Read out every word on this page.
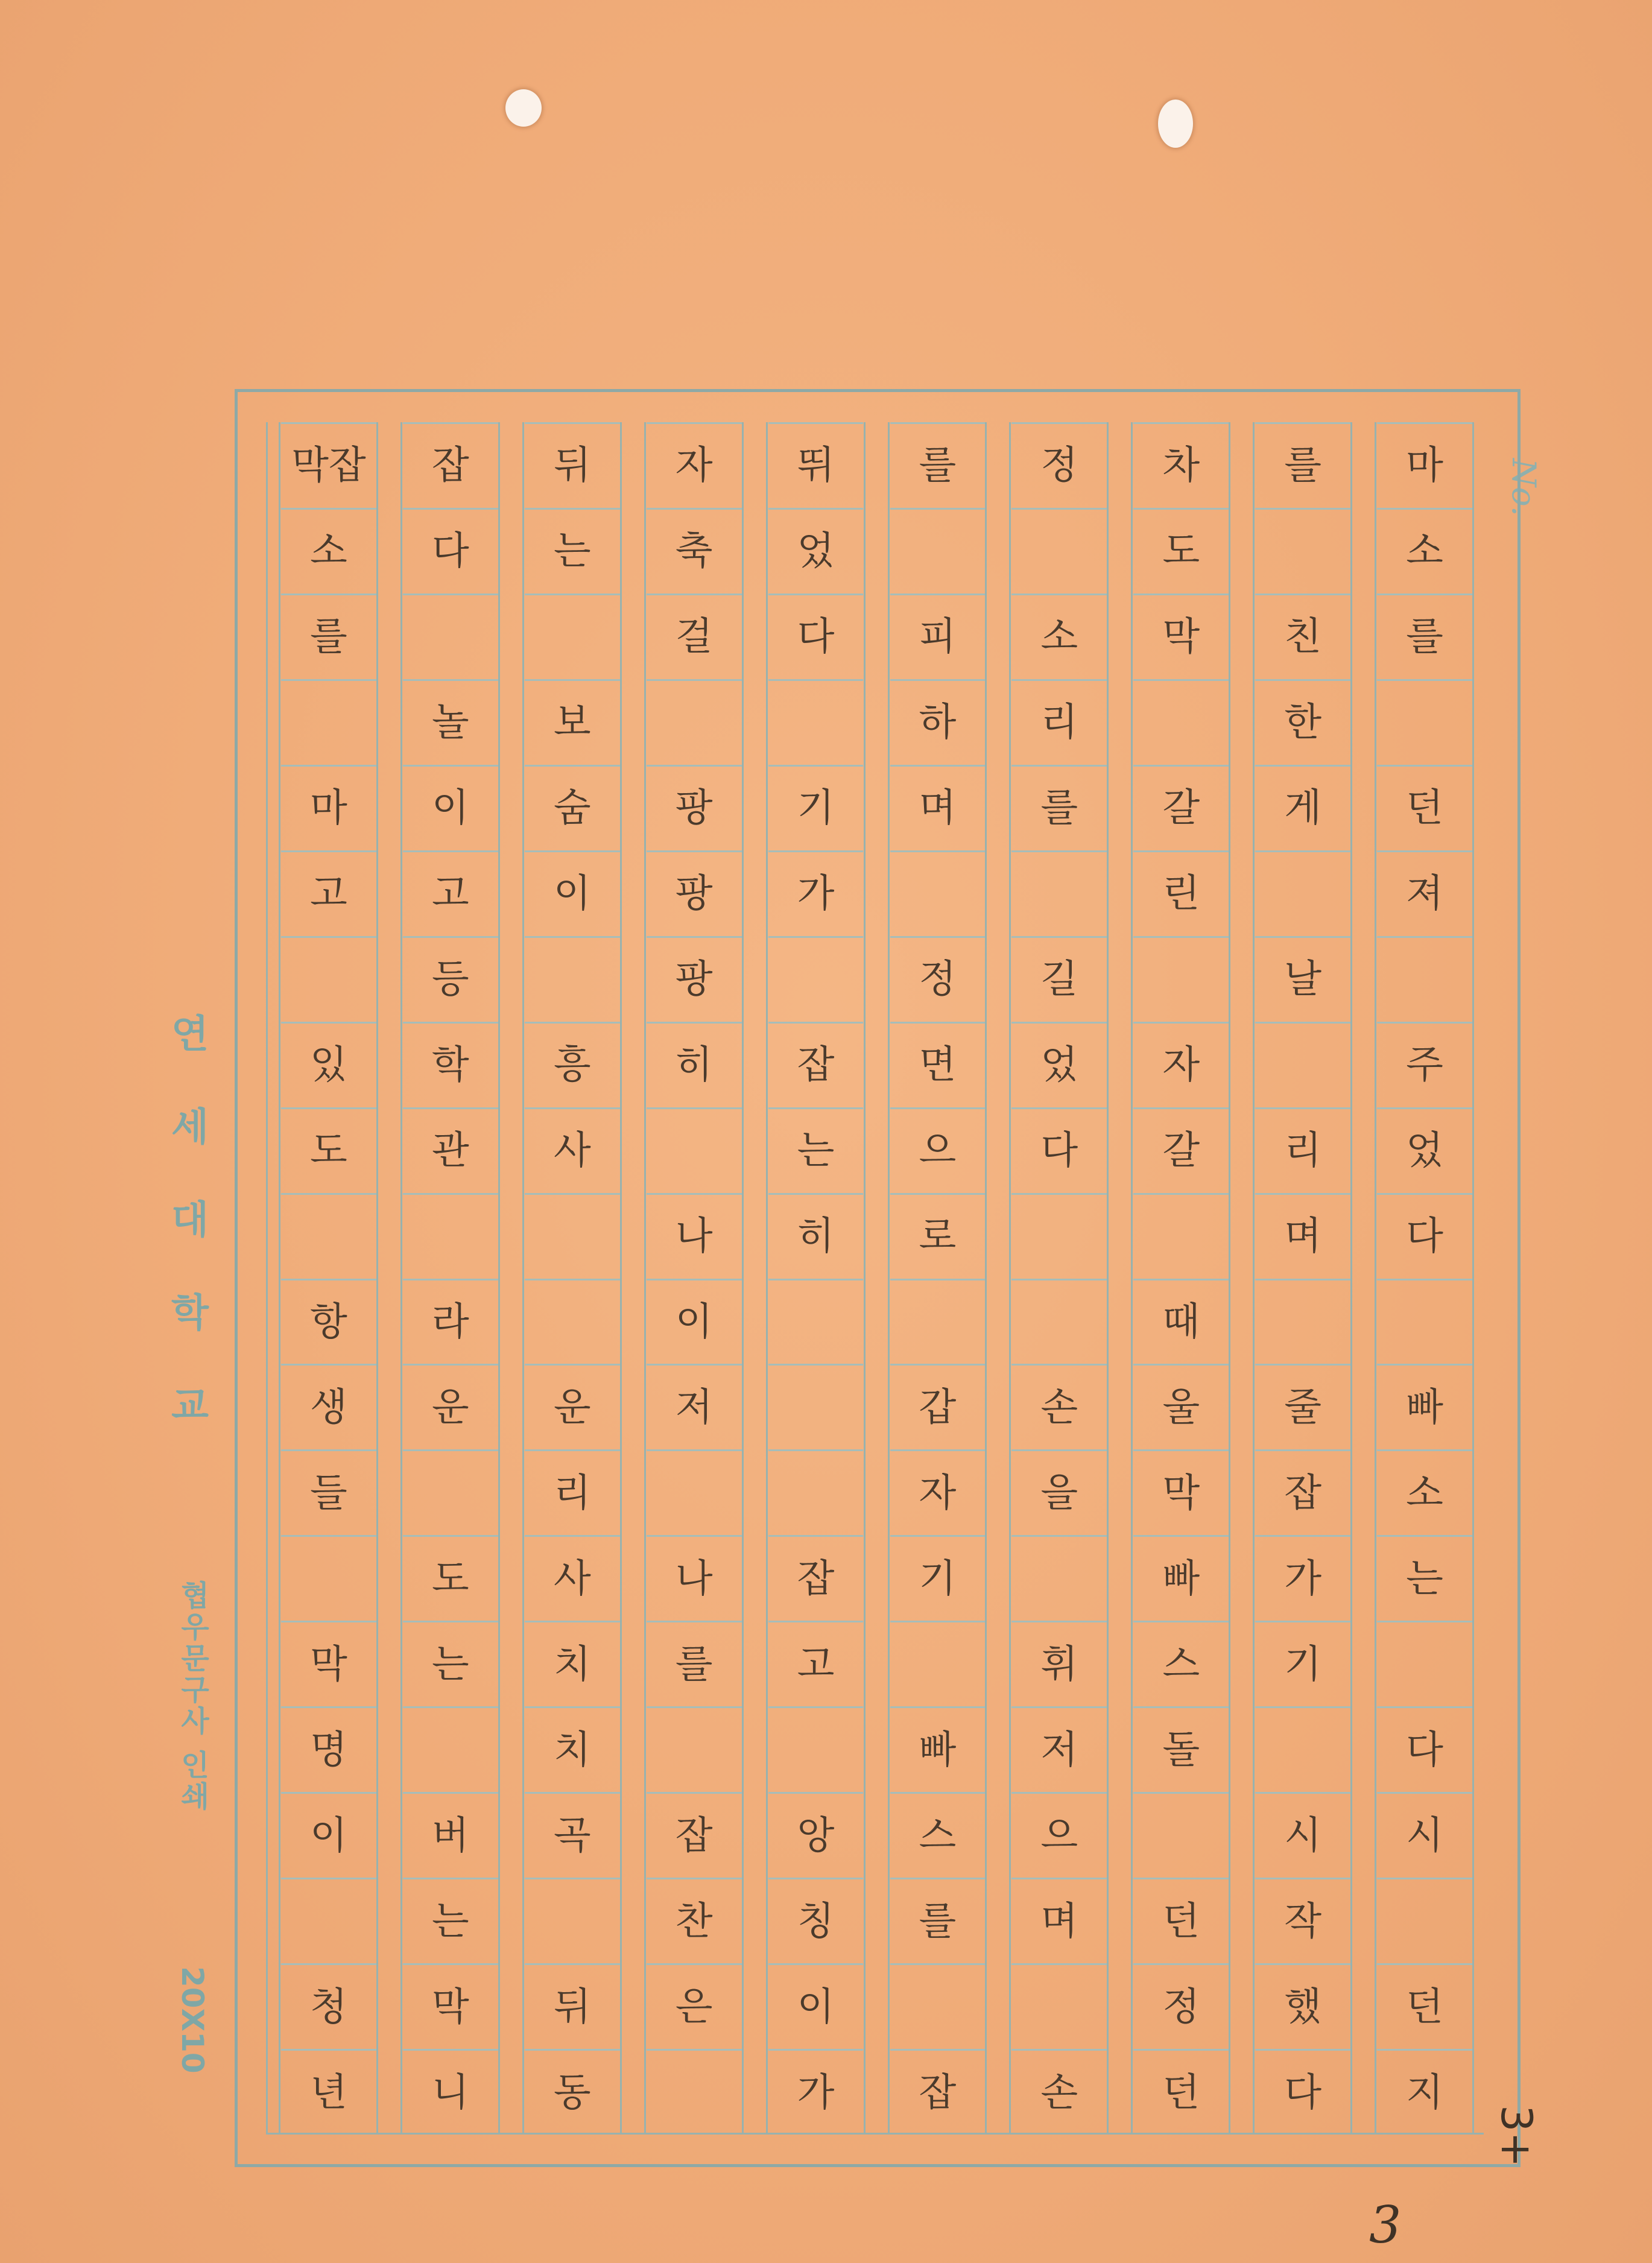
연세대학교
협우문구사 인쇄
20X10
No.
마
소
를
던
져
주
었
다
빠
소
는
다
시
던
지
를
친
한
게
날
리
며
줄
잡
가
기
시
작
했
다
차
도
막
갈
린
자
갈
때
울
막
빠
스
돌
던
정
던
정
소
리
를
길
었
다
손
을
휘
저
으
며
손
를
피
하
며
정
면
으
로
갑
자
기
빠
스
를
잡
뛰
었
다
기
가
잡
는
히
잡
고
앙
칭
이
가
자
축
걸
팡
팡
팡
히
나
이
저
나
를
잡
찬
은
뒤
는
보
숨
이
흥
사
운
리
사
치
치
곡
뒤
동
잡
다
놀
이
고
등
학
관
라
운
도
는
버
는
막
니
막잡
소
를
마
고
있
도
항
생
들
막
명
이
청
년
3+
3
